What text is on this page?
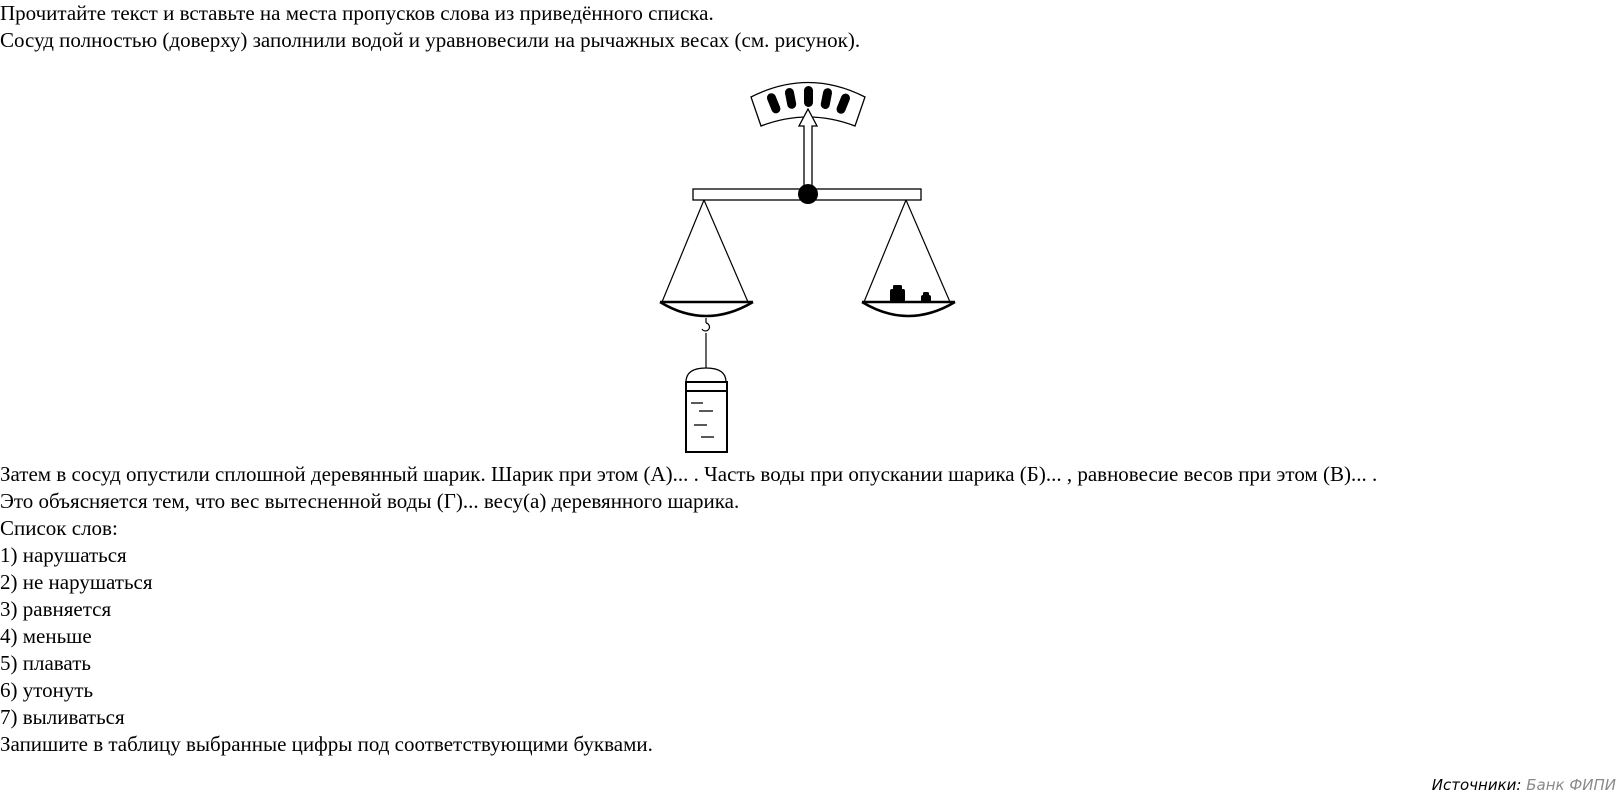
Прочитайте текст и вставьте на места пропусков слова из приведённого списка.
Сосуд полностью (доверху) заполнили водой и уравновесили на рычажных весах (см. рисунок).
Затем в сосуд опустили сплошной деревянный шарик. Шарик при этом (А)... . Часть воды при опускании шарика (Б)... , равновесие весов при этом (В)... .
Это объясняется тем, что вес вытесненной воды (Г)... весу(а) деревянного шарика.
Список слов:
1) нарушаться
2) не нарушаться
3) равняется
4) меньше
5) плавать
6) утонуть
7) выливаться
Запишите в таблицу выбранные цифры под соответствующими буквами.
Источники: Банк ФИПИ
